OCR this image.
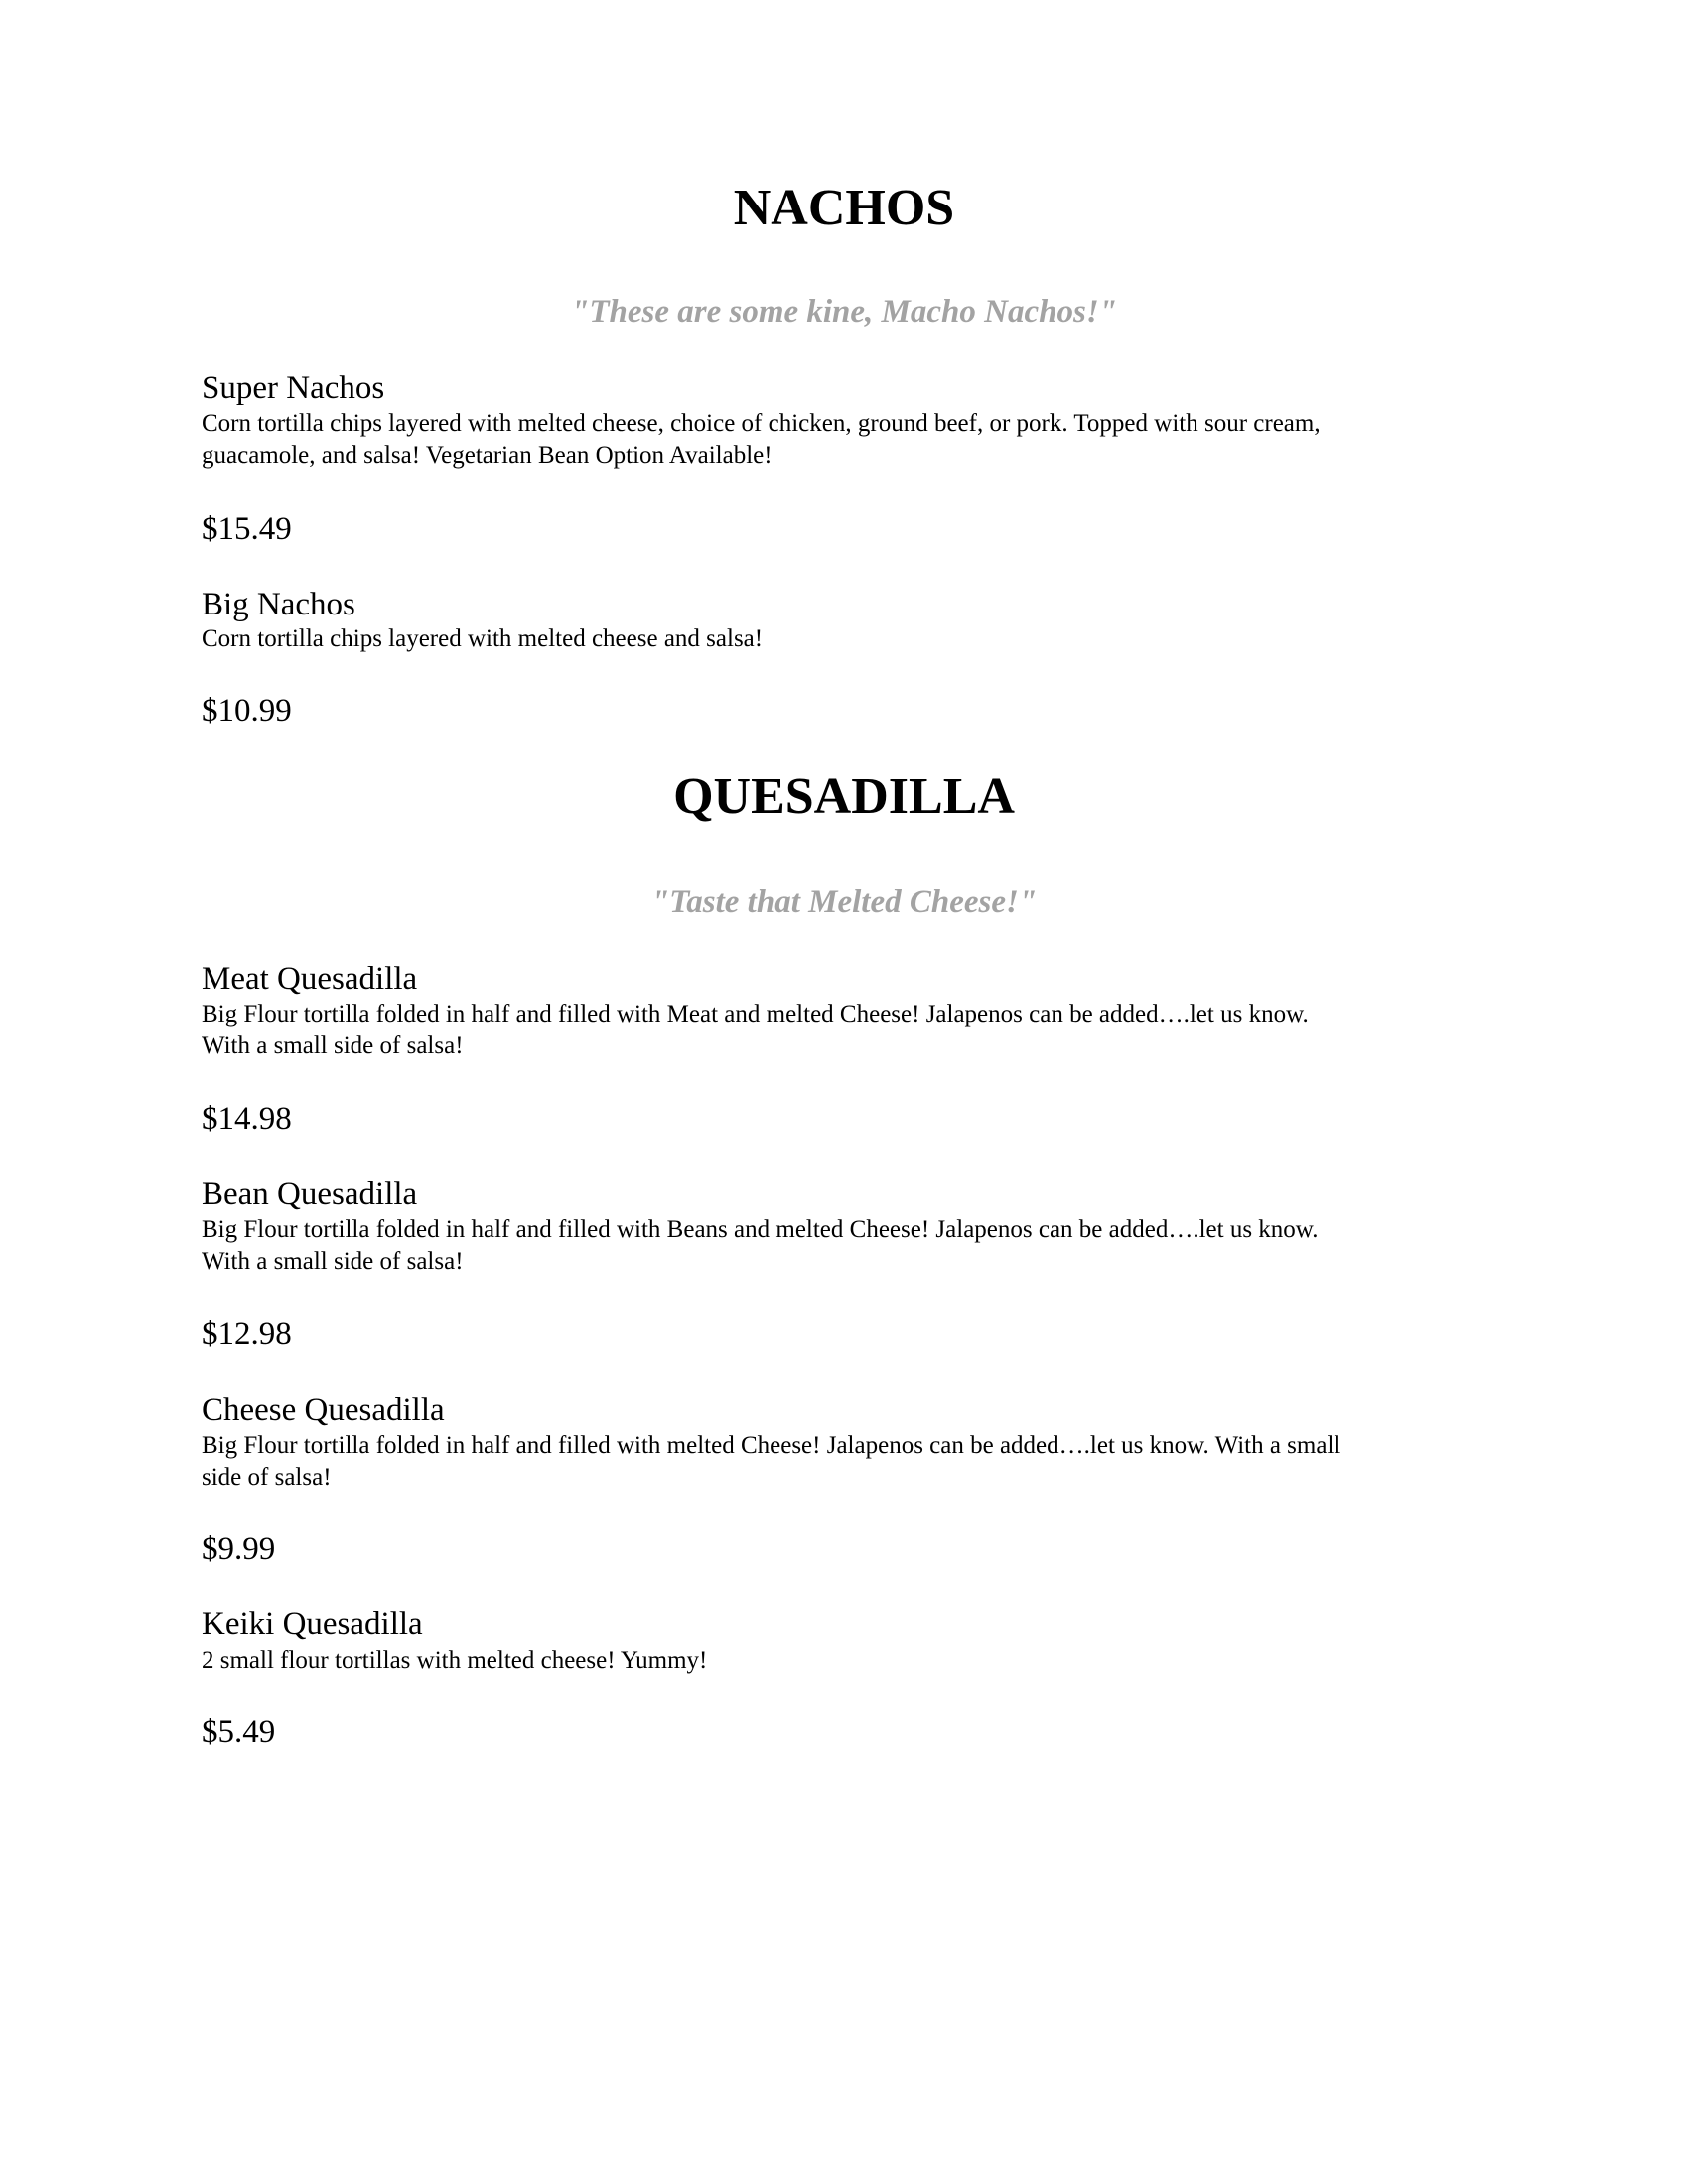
NACHOS
"These are some kine, Macho Nachos!"
Super Nachos
Corn tortilla chips layered with melted cheese, choice of chicken, ground beef, or pork. Topped with sour cream,
guacamole, and salsa! Vegetarian Bean Option Available!
$15.49
Big Nachos
Corn tortilla chips layered with melted cheese and salsa!
$10.99
QUESADILLA
"Taste that Melted Cheese!"
Meat Quesadilla
Big Flour tortilla folded in half and filled with Meat and melted Cheese! Jalapenos can be added….let us know.
With a small side of salsa!
$14.98
Bean Quesadilla
Big Flour tortilla folded in half and filled with Beans and melted Cheese! Jalapenos can be added….let us know.
With a small side of salsa!
$12.98
Cheese Quesadilla
Big Flour tortilla folded in half and filled with melted Cheese! Jalapenos can be added….let us know. With a small
side of salsa!
$9.99
Keiki Quesadilla
2 small flour tortillas with melted cheese! Yummy!
$5.49
